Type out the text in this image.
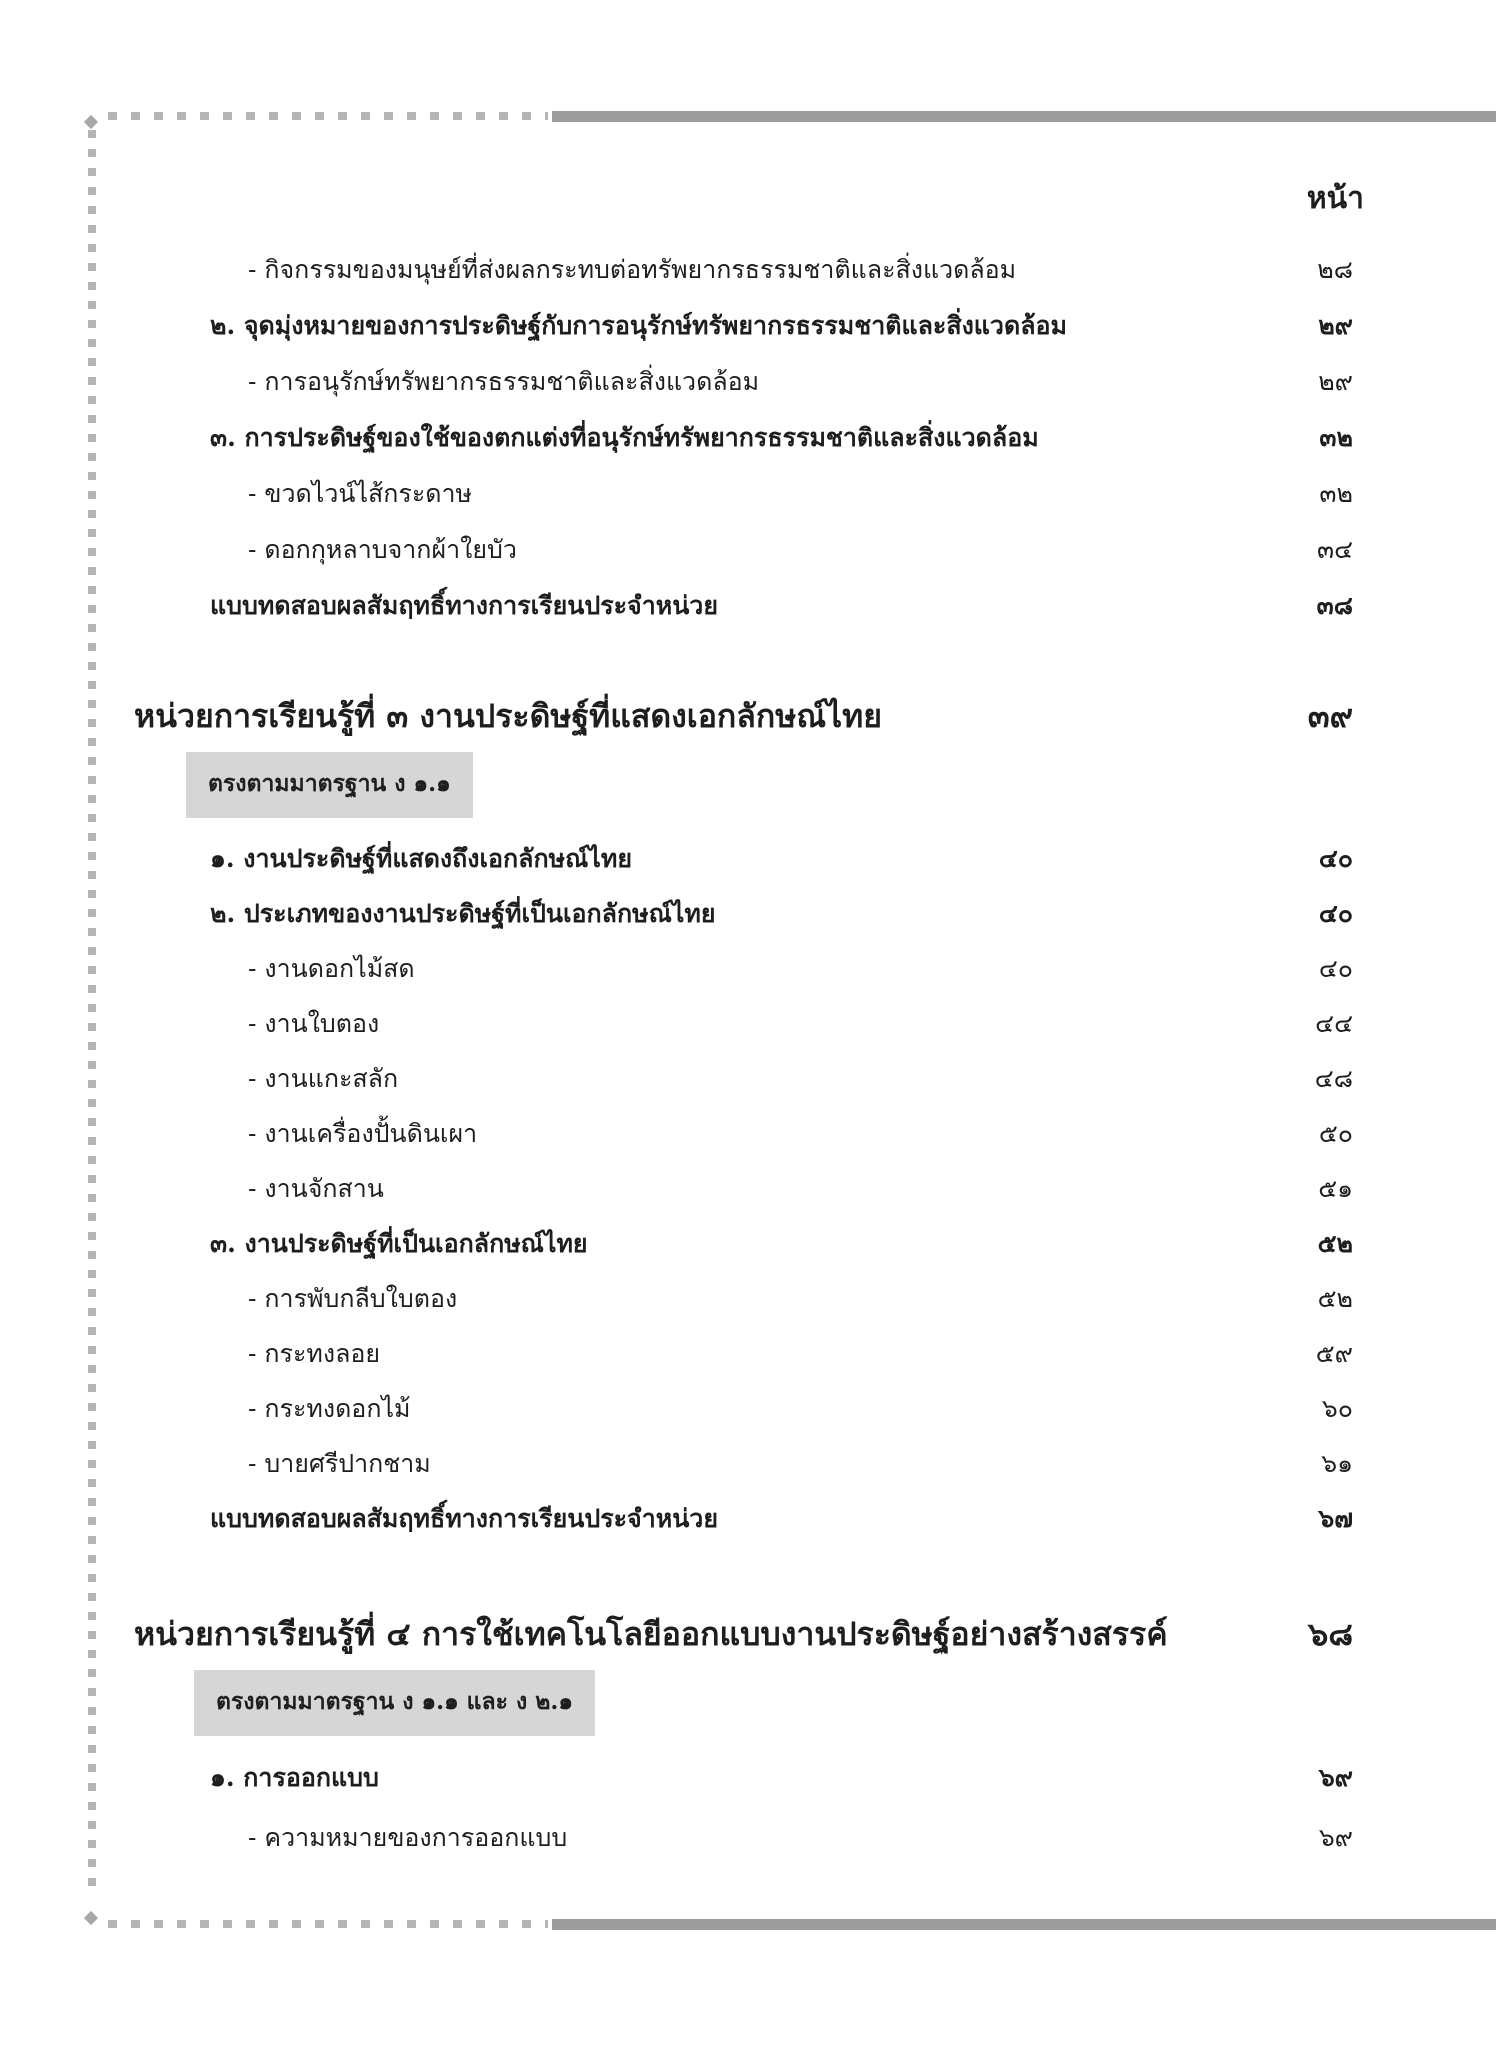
หน้า
- กิจกรรมของมนุษย์ที่ส่งผลกระทบต่อทรัพยากรธรรมชาติและสิ่งแวดล้อม	๒๘
๒. จุดมุ่งหมายของการประดิษฐ์กับการอนุรักษ์ทรัพยากรธรรมชาติและสิ่งแวดล้อม	๒๙
- การอนุรักษ์ทรัพยากรธรรมชาติและสิ่งแวดล้อม	๒๙
๓. การประดิษฐ์ของใช้ของตกแต่งที่อนุรักษ์ทรัพยากรธรรมชาติและสิ่งแวดล้อม	๓๒
- ขวดไวน์ไส้กระดาษ	๓๒
- ดอกกุหลาบจากผ้าใยบัว	๓๔
แบบทดสอบผลสัมฤทธิ์ทางการเรียนประจำหน่วย	๓๘
หน่วยการเรียนรู้ที่ ๓ งานประดิษฐ์ที่แสดงเอกลักษณ์ไทย	๓๙
ตรงตามมาตรฐาน ง ๑.๑
๑. งานประดิษฐ์ที่แสดงถึงเอกลักษณ์ไทย	๔๐
๒. ประเภทของงานประดิษฐ์ที่เป็นเอกลักษณ์ไทย	๔๐
- งานดอกไม้สด	๔๐
- งานใบตอง	๔๔
- งานแกะสลัก	๔๘
- งานเครื่องปั้นดินเผา	๕๐
- งานจักสาน	๕๑
๓. งานประดิษฐ์ที่เป็นเอกลักษณ์ไทย	๕๒
- การพับกลีบใบตอง	๕๒
- กระทงลอย	๕๙
- กระทงดอกไม้	๖๐
- บายศรีปากชาม	๖๑
แบบทดสอบผลสัมฤทธิ์ทางการเรียนประจำหน่วย	๖๗
หน่วยการเรียนรู้ที่ ๔ การใช้เทคโนโลยีออกแบบงานประดิษฐ์อย่างสร้างสรรค์	๖๘
ตรงตามมาตรฐาน ง ๑.๑ และ ง ๒.๑
๑. การออกแบบ	๖๙
- ความหมายของการออกแบบ	๖๙
